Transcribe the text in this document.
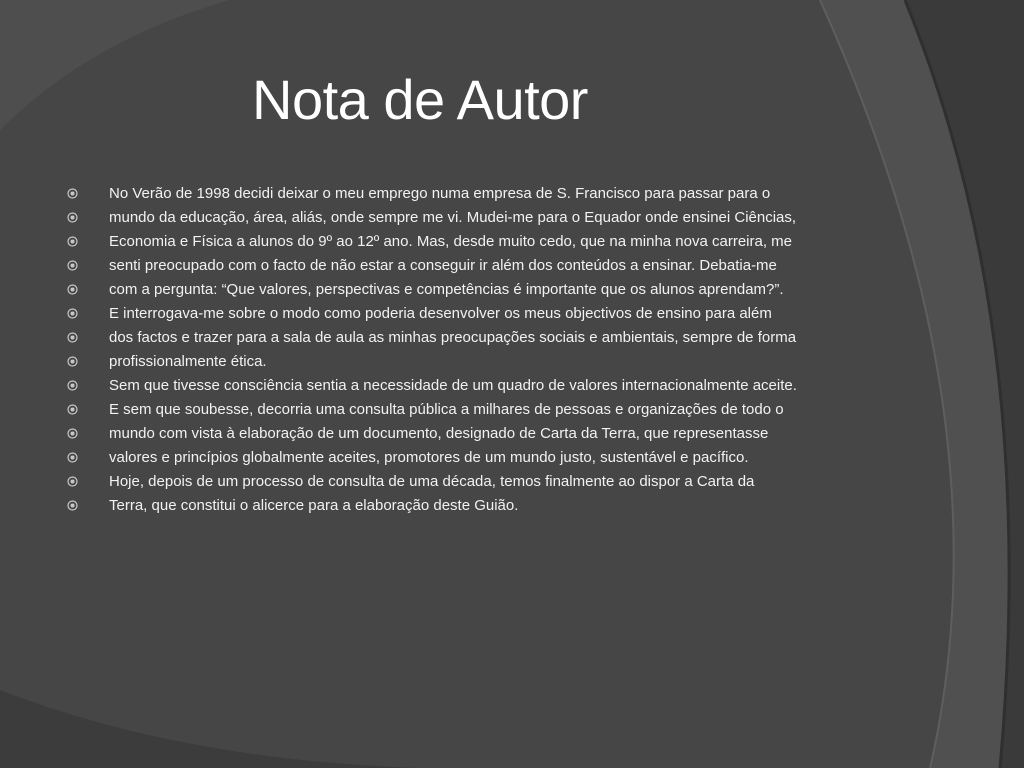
Nota de Autor
No Verão de 1998 decidi deixar o meu emprego numa empresa de S. Francisco para passar para o
mundo da educação, área, aliás, onde sempre me vi. Mudei-me para o Equador onde ensinei Ciências,
Economia e Física a alunos do 9º ao 12º ano. Mas, desde muito cedo, que na minha nova carreira, me
senti preocupado com o facto de não estar a conseguir ir além dos conteúdos a ensinar. Debatia-me
com a pergunta: “Que valores, perspectivas e competências é importante que os alunos aprendam?”.
E interrogava-me sobre o modo como poderia desenvolver os meus objectivos de ensino para além
dos factos e trazer para a sala de aula as minhas preocupações sociais e ambientais, sempre de forma
profissionalmente ética.
Sem que tivesse consciência sentia a necessidade de um quadro de valores internacionalmente aceite.
E sem que soubesse, decorria uma consulta pública a milhares de pessoas e organizações de todo o
mundo com vista à elaboração de um documento, designado de Carta da Terra, que representasse
valores e princípios globalmente aceites, promotores de um mundo justo, sustentável e pacífico.
Hoje, depois de um processo de consulta de uma década, temos finalmente ao dispor a Carta da
Terra, que constitui o alicerce para a elaboração deste Guião.
